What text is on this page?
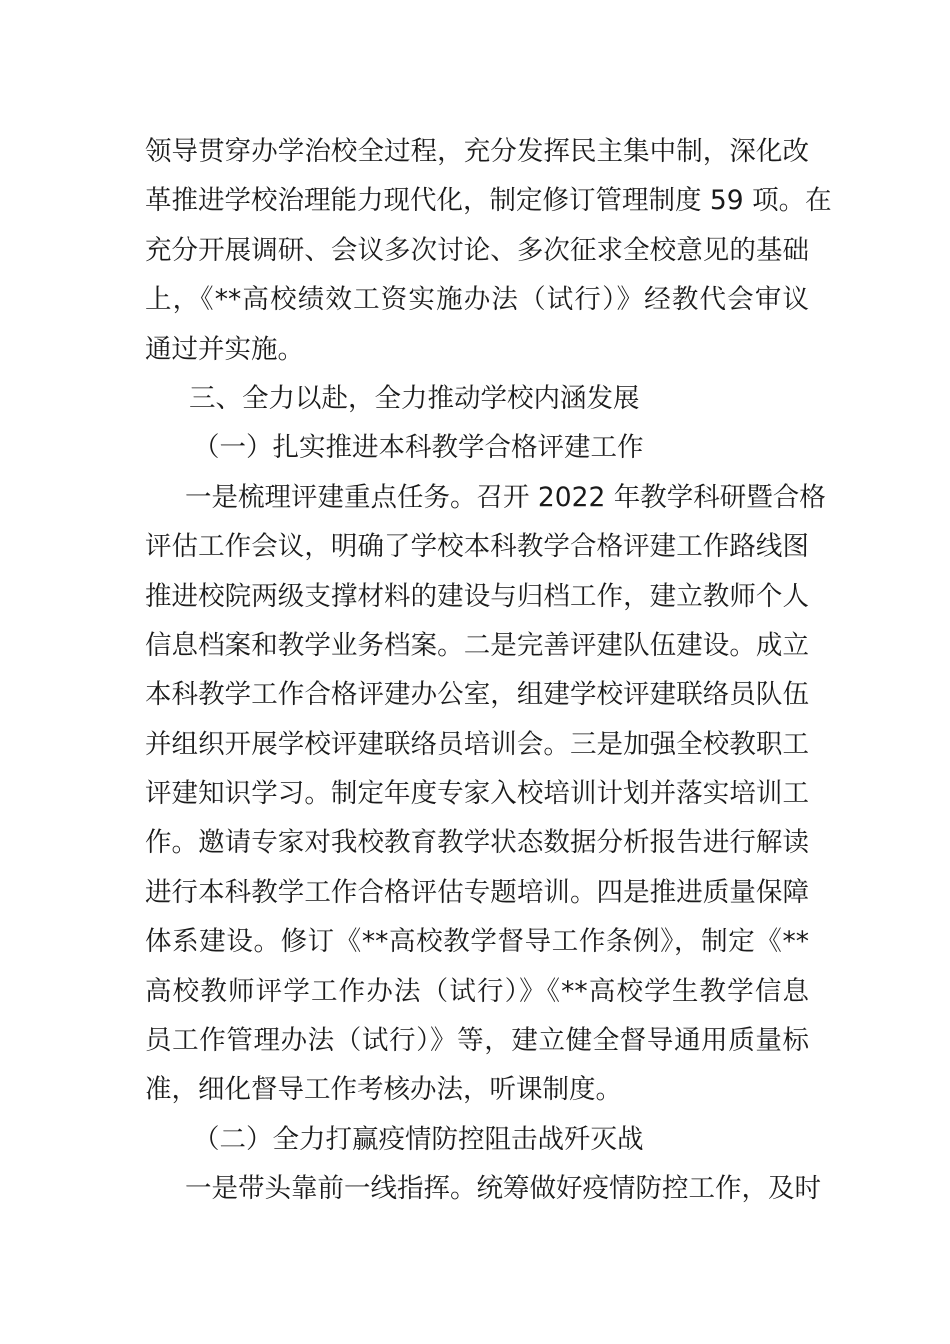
领导贯穿办学治校全过程，充分发挥民主集中制，深化改
革推进学校治理能力现代化，制定修订管理制度 59 项。在
充分开展调研、会议多次讨论、多次征求全校意见的基础
上，《**高校绩效工资实施办法（试行）》经教代会审议
通过并实施。
三、全力以赴，全力推动学校内涵发展
（一）扎实推进本科教学合格评建工作
一是梳理评建重点任务。召开 2022 年教学科研暨合格
评估工作会议，明确了学校本科教学合格评建工作路线图
推进校院两级支撑材料的建设与归档工作，建立教师个人
信息档案和教学业务档案。二是完善评建队伍建设。成立
本科教学工作合格评建办公室，组建学校评建联络员队伍
并组织开展学校评建联络员培训会。三是加强全校教职工
评建知识学习。制定年度专家入校培训计划并落实培训工
作。邀请专家对我校教育教学状态数据分析报告进行解读
进行本科教学工作合格评估专题培训。四是推进质量保障
体系建设。修订《**高校教学督导工作条例》，制定《**
高校教师评学工作办法（试行）》《**高校学生教学信息
员工作管理办法（试行）》等，建立健全督导通用质量标
准，细化督导工作考核办法，听课制度。
（二）全力打赢疫情防控阻击战歼灭战
一是带头靠前一线指挥。统筹做好疫情防控工作，及时
